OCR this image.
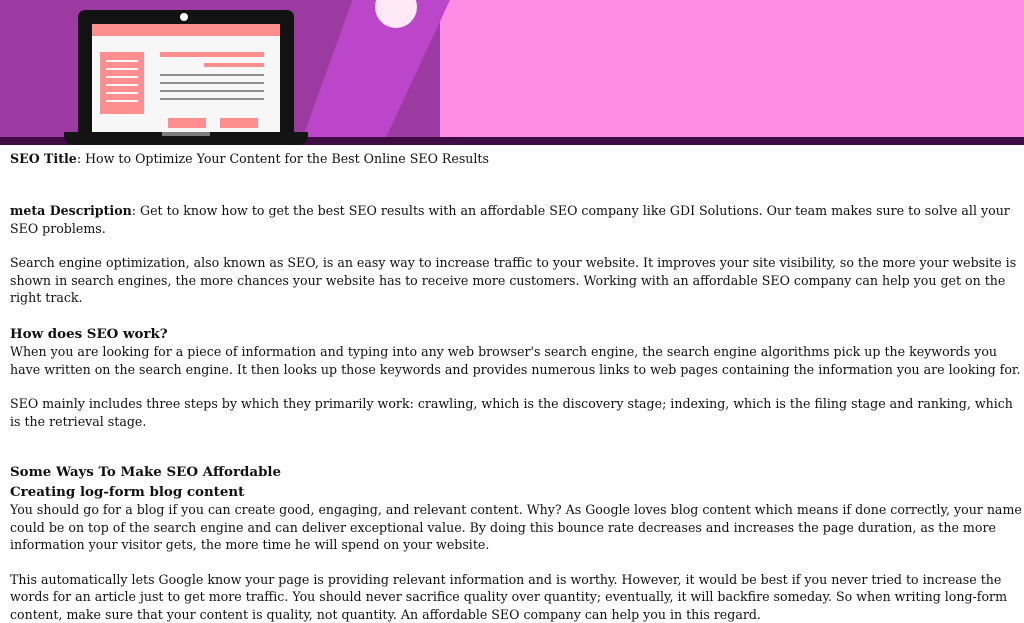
SEO Title: How to Optimize Your Content for the Best Online SEO Results

meta Description: Get to know how to get the best SEO results with an affordable SEO company like GDI Solutions. Our team makes sure to solve all your SEO problems.

Search engine optimization, also known as SEO, is an easy way to increase traffic to your website. It improves your site visibility, so the more your website is shown in search engines, the more chances your website has to receive more customers. Working with an affordable SEO company can help you get on the right track.

How does SEO work?

When you are looking for a piece of information and typing into any web browser's search engine, the search engine algorithms pick up the keywords you have written on the search engine. It then looks up those keywords and provides numerous links to web pages containing the information you are looking for.

SEO mainly includes three steps by which they primarily work: crawling, which is the discovery stage; indexing, which is the filing stage and ranking, which is the retrieval stage.

Some Ways To Make SEO Affordable

Creating log-form blog content

You should go for a blog if you can create good, engaging, and relevant content. Why? As Google loves blog content which means if done correctly, your name could be on top of the search engine and can deliver exceptional value. By doing this bounce rate decreases and increases the page duration, as the more information your visitor gets, the more time he will spend on your website.

This automatically lets Google know your page is providing relevant information and is worthy. However, it would be best if you never tried to increase the words for an article just to get more traffic. You should never sacrifice quality over quantity; eventually, it will backfire someday. So when writing long-form content, make sure that your content is quality, not quantity. An affordable SEO company can help you in this regard.
